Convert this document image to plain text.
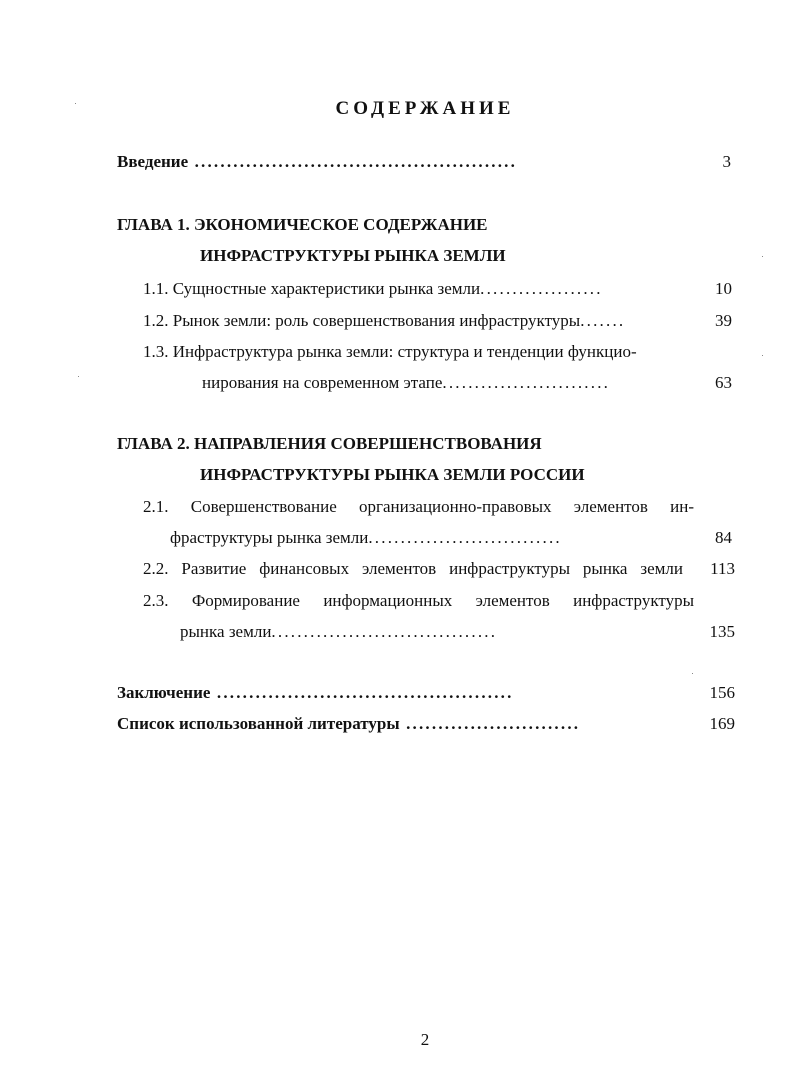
СОДЕРЖАНИЕ
Введение ..................................................	3
ГЛАВА 1. ЭКОНОМИЧЕСКОЕ СОДЕРЖАНИЕ
ИНФРАСТРУКТУРЫ РЫНКА ЗЕМЛИ
1.1. Сущностные характеристики рынка земли...................	10
1.2. Рынок земли: роль совершенствования инфраструктуры.......	39
1.3. Инфраструктура рынка земли: структура и тенденции функцио-
нирования на современном этапе..........................	63
ГЛАВА 2. НАПРАВЛЕНИЯ СОВЕРШЕНСТВОВАНИЯ
ИНФРАСТРУКТУРЫ РЫНКА ЗЕМЛИ РОССИИ
2.1. Совершенствование организационно-правовых элементов ин-
фраструктуры рынка земли..............................	84
2.2. Развитие финансовых элементов инфраструктуры рынка земли	113
2.3. Формирование информационных элементов инфраструктуры
рынка земли...................................	135
Заключение ..............................................	156
Список использованной литературы ...........................	169
2
